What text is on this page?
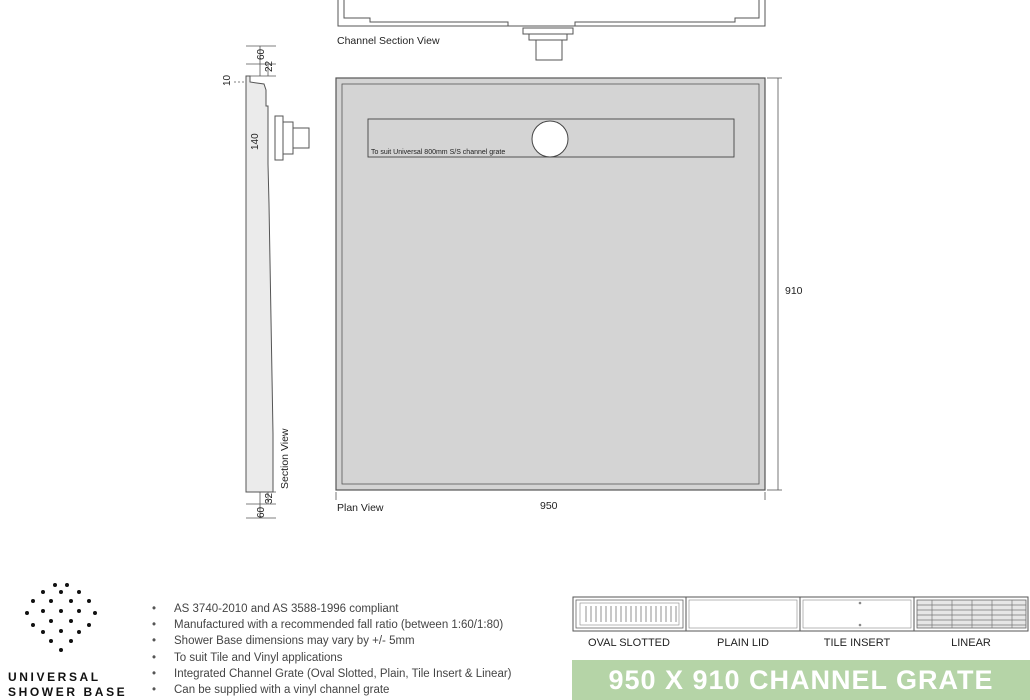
Channel Section View
60
22
10
140
60
32
Section View
To suit Universal 800mm S/S channel grate
910
950
Plan View
UNIVERSAL
SHOWER BASE
• AS 3740-2010 and AS 3588-1996 compliant
• Manufactured with a recommended fall ratio (between 1:60/1:80)
• Shower Base dimensions may vary by +/- 5mm
• To suit Tile and Vinyl applications
• Integrated Channel Grate (Oval Slotted, Plain, Tile Insert & Linear)
• Can be supplied with a vinyl channel grate
OVAL SLOTTED	PLAIN LID	TILE INSERT	LINEAR
950 X 910 CHANNEL GRATE
